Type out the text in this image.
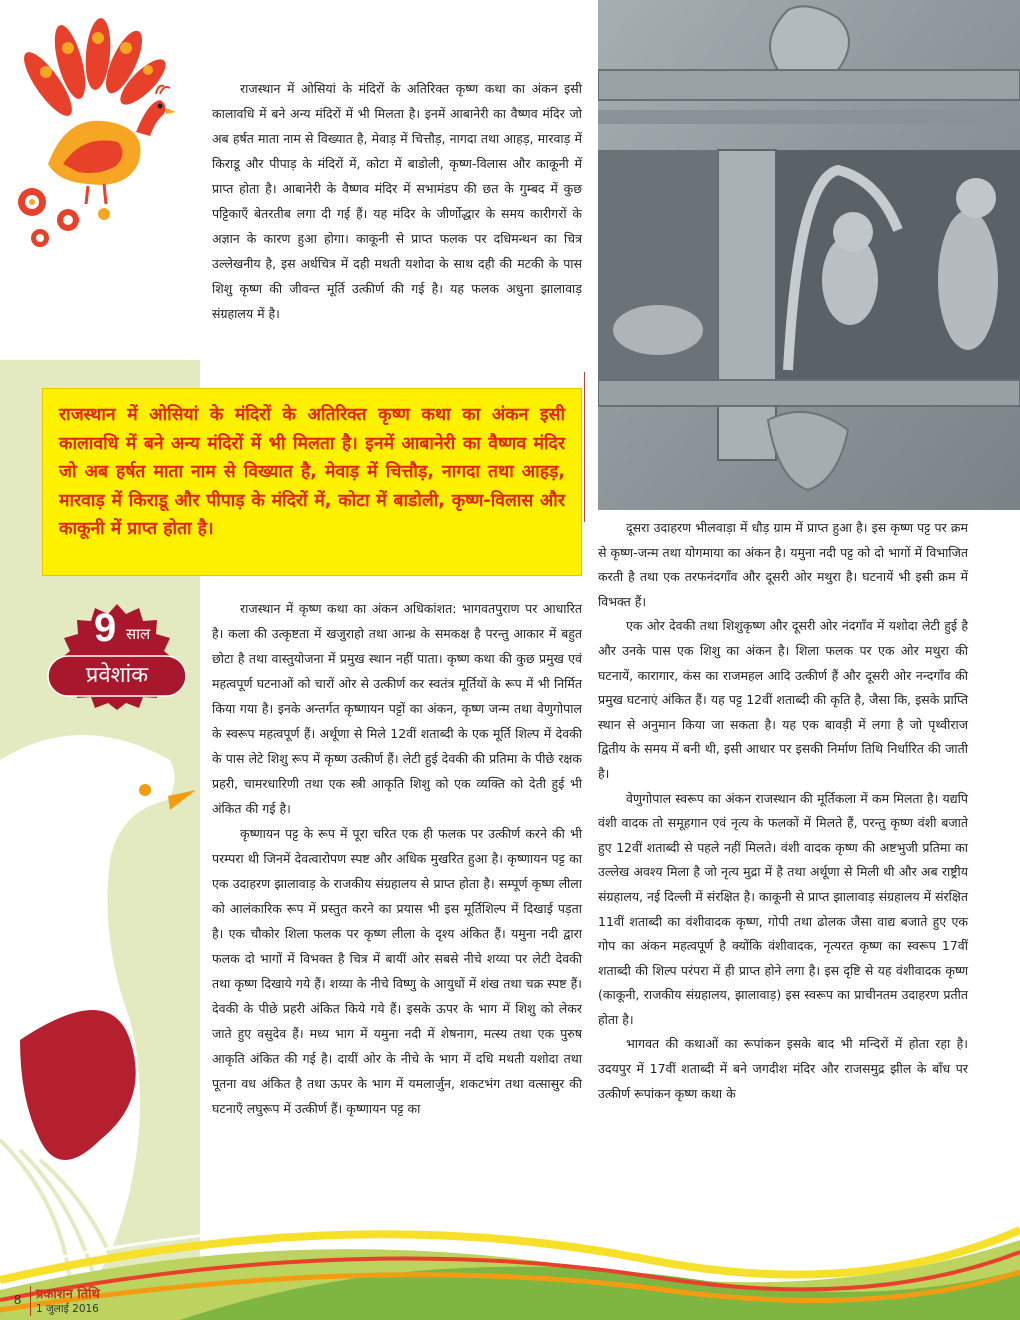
राजस्थान में ओसियां के मंदिरों के अतिरिक्त कृष्ण कथा का अंकन इसी कालावधि में बने अन्य मंदिरों में भी मिलता है। इनमें आबानेरी का वैष्णव मंदिर जो अब हर्षत माता नाम से विख्यात है, मेवाड़ में चित्तौड़, नागदा तथा आहड़, मारवाड़ में किराडू और पीपाड़ के मंदिरों में, कोटा में बाडोली, कृष्ण-विलास और काकूनी में प्राप्त होता है। आबानेरी के वैष्णव मंदिर में सभामंडप की छत के गुम्बद में कुछ पट्टिकाएँ बेतरतीब लगा दी गई हैं। यह मंदिर के जीर्णोद्धार के समय कारीगरों के अज्ञान के कारण हुआ होगा। काकूनी से प्राप्त फलक पर दधिमन्थन का चित्र उल्लेखनीय है, इस अर्धचित्र में दही मथती यशोदा के साथ दही की मटकी के पास शिशु कृष्ण की जीवन्त मूर्ति उत्कीर्ण की गई है। यह फलक अधुना झालावाड़ संग्रहालय में है।

राजस्थान में ओसियां के मंदिरों के अतिरिक्त कृष्ण कथा का अंकन इसी कालावधि में बने अन्य मंदिरों में भी मिलता है। इनमें आबानेरी का वैष्णव मंदिर जो अब हर्षत माता नाम से विख्यात है, मेवाड़ में चित्तौड़, नागदा तथा आहड़, मारवाड़ में किराडू और पीपाड़ के मंदिरों में, कोटा में बाडोली, कृष्ण-विलास और काकूनी में प्राप्त होता है।

9 साल
प्रवेशांक

राजस्थान में कृष्ण कथा का अंकन अधिकांशत: भागवतपुराण पर आधारित है। कला की उत्कृष्टता में खजुराहो तथा आन्ध्र के समकक्ष है परन्तु आकार में बहुत छोटा है तथा वास्तुयोजना में प्रमुख स्थान नहीं पाता। कृष्ण कथा की कुछ प्रमुख एवं महत्वपूर्ण घटनाओं को चारों ओर से उत्कीर्ण कर स्वतंत्र मूर्तियों के रूप में भी निर्मित किया गया है। इनके अन्तर्गत कृष्णायन पट्टों का अंकन, कृष्ण जन्म तथा वेणुगोपाल के स्वरूप महत्वपूर्ण हैं। अर्थूणा से मिले 12वीं शताब्दी के एक मूर्ति शिल्प में देवकी के पास लेटे शिशु रूप में कृष्ण उत्कीर्ण हैं। लेटी हुई देवकी की प्रतिमा के पीछे रक्षक प्रहरी, चामरधारिणी तथा एक स्त्री आकृति शिशु को एक व्यक्ति को देती हुई भी अंकित की गई है।

कृष्णायन पट्ट के रूप में पूरा चरित एक ही फलक पर उत्कीर्ण करने की भी परम्परा थी जिनमें देवत्वारोपण स्पष्ट और अधिक मुखरित हुआ है। कृष्णायन पट्ट का एक उदाहरण झालावाड़ के राजकीय संग्रहालय से प्राप्त होता है। सम्पूर्ण कृष्ण लीला को आलंकारिक रूप में प्रस्तुत करने का प्रयास भी इस मूर्तिशिल्प में दिखाई पड़ता है। एक चौकोर शिला फलक पर कृष्ण लीला के दृश्य अंकित हैं। यमुना नदी द्वारा फलक दो भागों में विभक्त है चित्र में बायीं ओर सबसे नीचे शय्या पर लेटी देवकी तथा कृष्ण दिखाये गये हैं। शय्या के नीचे विष्णु के आयुधों में शंख तथा चक्र स्पष्ट हैं। देवकी के पीछे प्रहरी अंकित किये गये हैं। इसके ऊपर के भाग में शिशु को लेकर जाते हुए वसुदेव हैं। मध्य भाग में यमुना नदी में शेषनाग, मत्स्य तथा एक पुरुष आकृति अंकित की गई है। दायीं ओर के नीचे के भाग में दधि मथती यशोदा तथा पूतना वध अंकित है तथा ऊपर के भाग में यमलार्जुन, शकटभंग तथा वत्सासुर की घटनाएँ लघुरूप में उत्कीर्ण हैं। कृष्णायन पट्ट का

दूसरा उदाहरण भीलवाड़ा में धौड़ ग्राम में प्राप्त हुआ है। इस कृष्ण पट्ट पर क्रम से कृष्ण-जन्म तथा योगमाया का अंकन है। यमुना नदी पट्ट को दो भागों में विभाजित करती है तथा एक तरफनंदगाँव और दूसरी ओर मथुरा है। घटनायें भी इसी क्रम में विभक्त हैं।

एक ओर देवकी तथा शिशुकृष्ण और दूसरी ओर नंदगाँव में यशोदा लेटी हुई है और उनके पास एक शिशु का अंकन है। शिला फलक पर एक ओर मथुरा की घटनायें, कारागार, कंस का राजमहल आदि उत्कीर्ण हैं और दूसरी ओर नन्दगाँव की प्रमुख घटनाएं अंकित हैं। यह पट्ट 12वीं शताब्दी की कृति है, जैसा कि, इसके प्राप्ति स्थान से अनुमान किया जा सकता है। यह एक बावड़ी में लगा है जो पृथ्वीराज द्वितीय के समय में बनी थी, इसी आधार पर इसकी निर्माण तिथि निर्धारित की जाती है।

वेणुगोपाल स्वरूप का अंकन राजस्थान की मूर्तिकला में कम मिलता है। यद्यपि वंशी वादक तो समूहगान एवं नृत्य के फलकों में मिलते हैं, परन्तु कृष्ण वंशी बजाते हुए 12वीं शताब्दी से पहले नहीं मिलते। वंशी वादक कृष्ण की अष्टभुजी प्रतिमा का उल्लेख अवश्य मिला है जो नृत्य मुद्रा में है तथा अर्थूणा से मिली थी और अब राष्ट्रीय संग्रहालय, नई दिल्ली में संरक्षित है। काकूनी से प्राप्त झालावाड़ संग्रहालय में संरक्षित 11वीं शताब्दी का वंशीवादक कृष्ण, गोपी तथा ढोलक जैसा वाद्य बजाते हुए एक गोप का अंकन महत्वपूर्ण है क्योंकि वंशीवादक, नृत्यरत कृष्ण का स्वरूप 17वीं शताब्दी की शिल्प परंपरा में ही प्राप्त होने लगा है। इस दृष्टि से यह वंशीवादक कृष्ण (काकूनी, राजकीय संग्रहालय, झालावाड़) इस स्वरूप का प्राचीनतम उदाहरण प्रतीत होता है।

भागवत की कथाओं का रूपांकन इसके बाद भी मन्दिरों में होता रहा है। उदयपुर में 17वीं शताब्दी में बने जगदीश मंदिर और राजसमुद्र झील के बाँध पर उत्कीर्ण रूपांकन कृष्ण कथा के

8 प्रकाशन तिथि
1 जुलाई 2016
